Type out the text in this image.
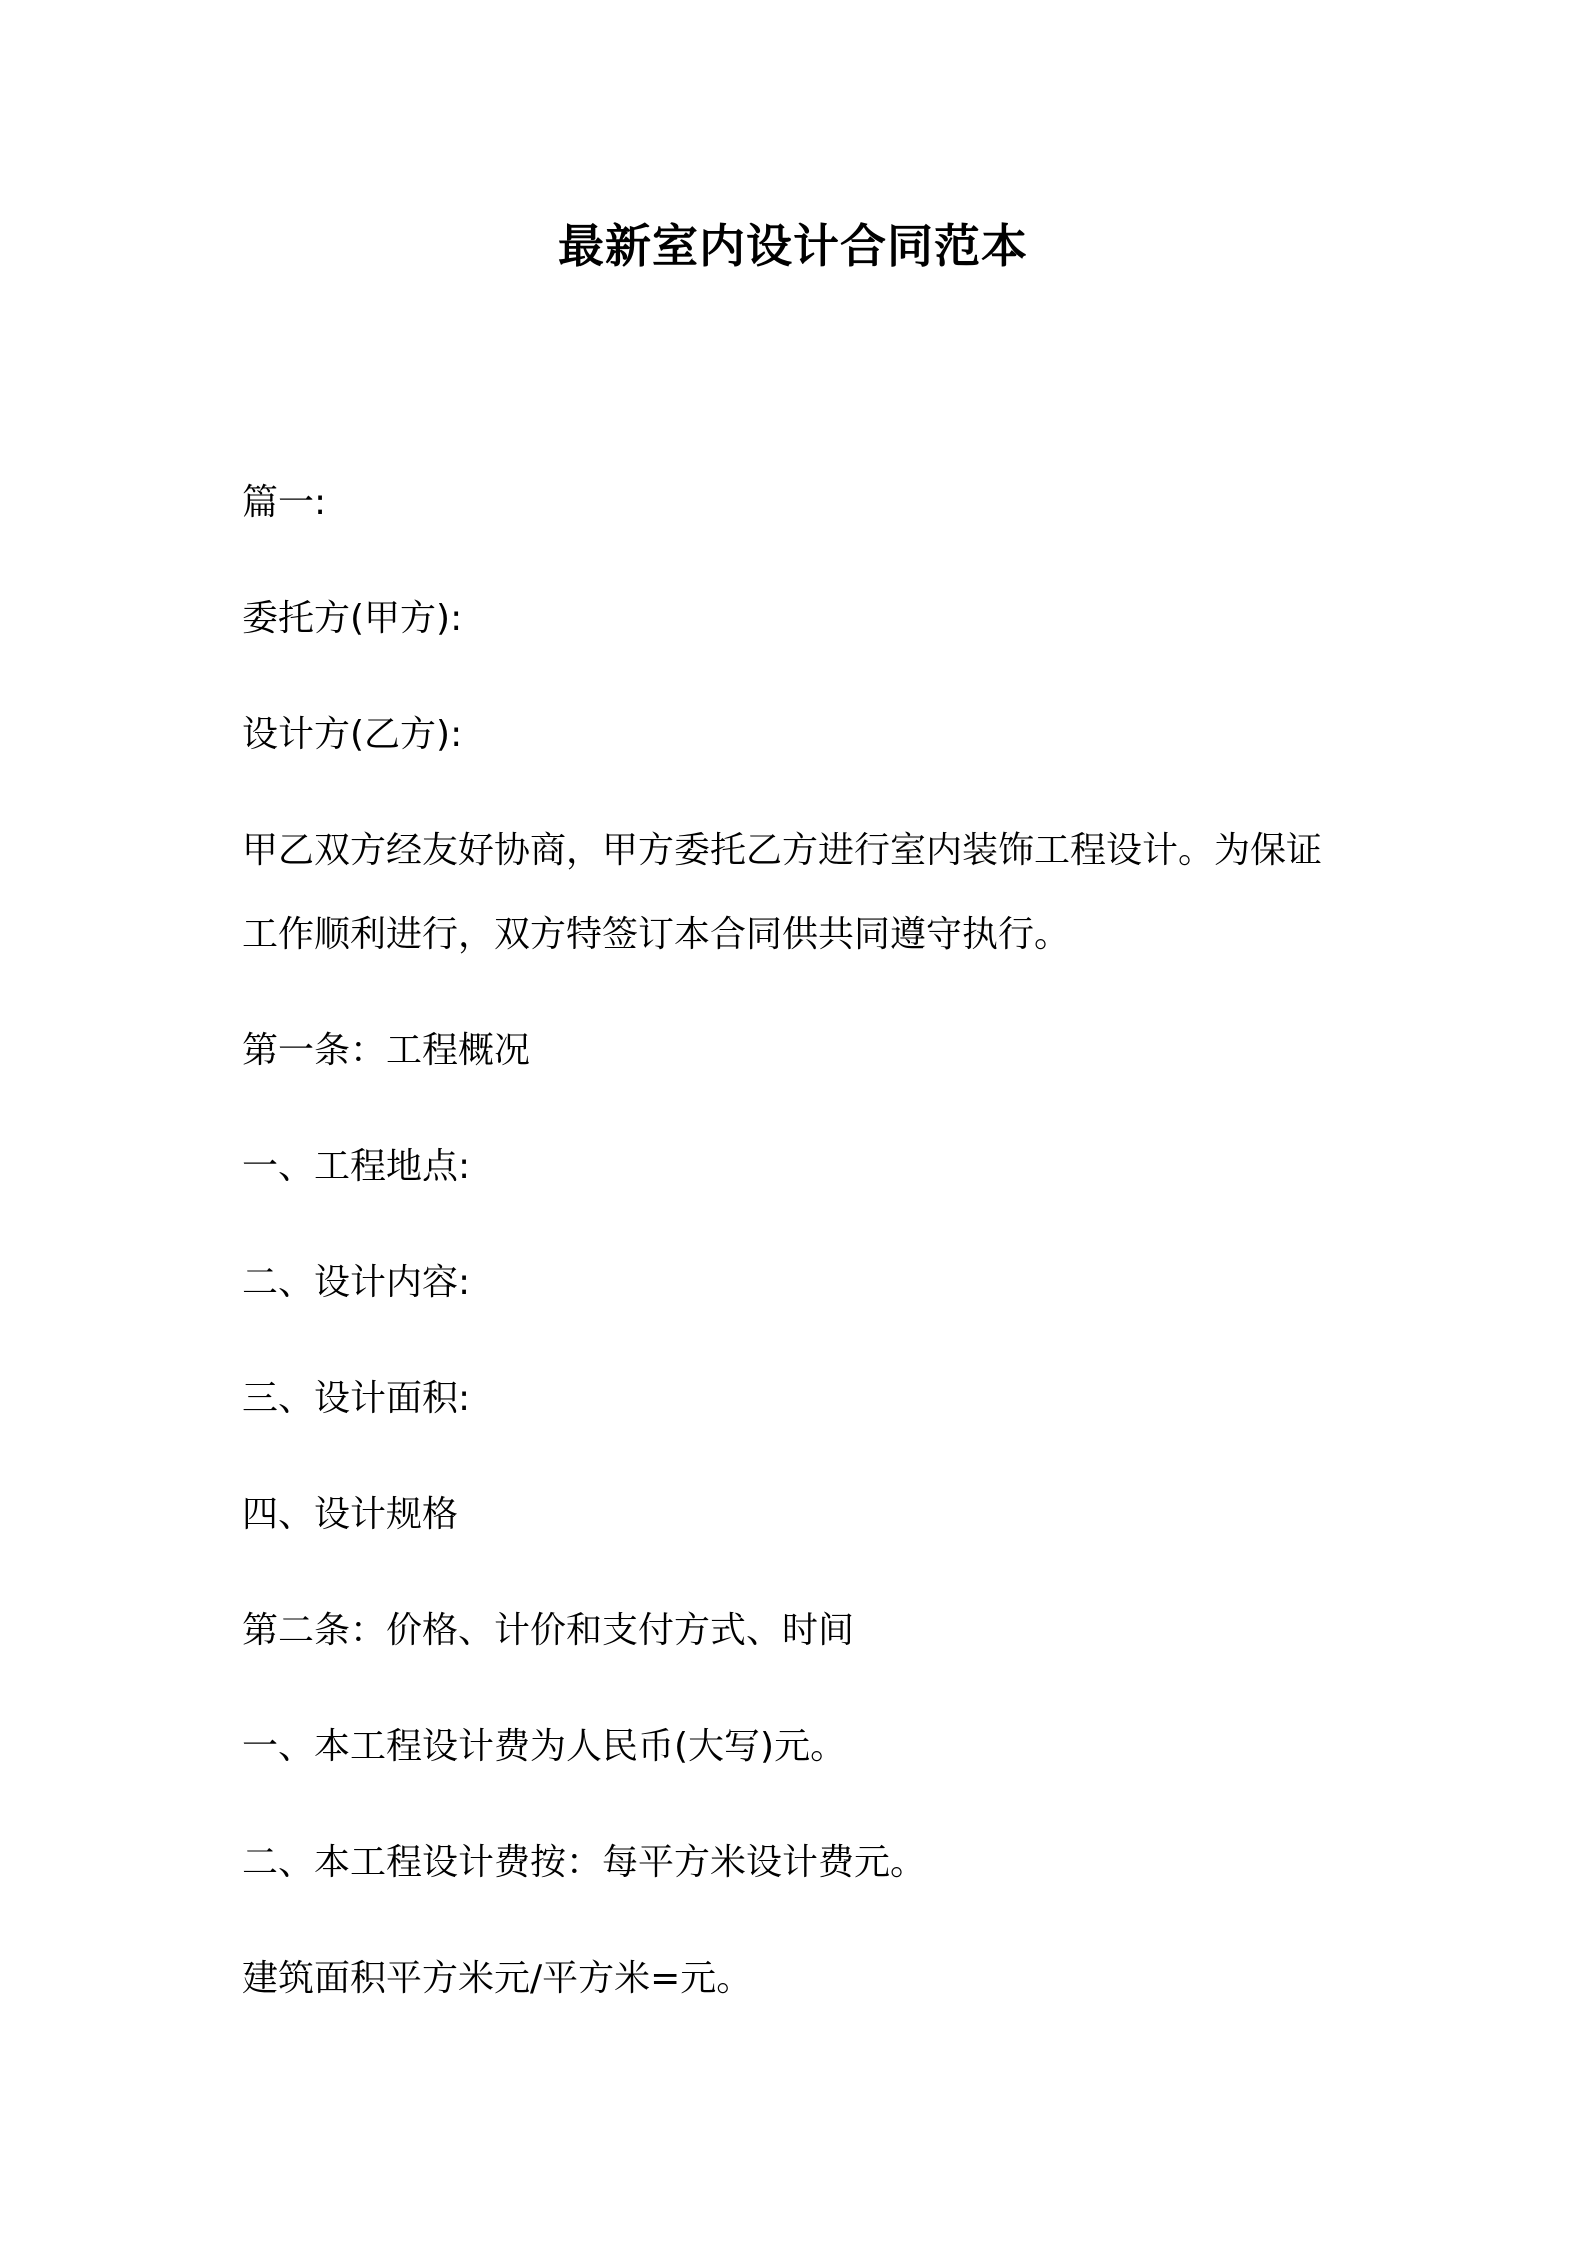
最新室内设计合同范本
篇一:
委托方(甲方):
设计方(乙方):
甲乙双方经友好协商，甲方委托乙方进行室内装饰工程设计。为保证
工作顺利进行，双方特签订本合同供共同遵守执行。
第一条：工程概况
一、工程地点:
二、设计内容:
三、设计面积:
四、设计规格
第二条：价格、计价和支付方式、时间
一、本工程设计费为人民币(大写)元。
二、本工程设计费按：每平方米设计费元。
建筑面积平方米元/平方米=元。
